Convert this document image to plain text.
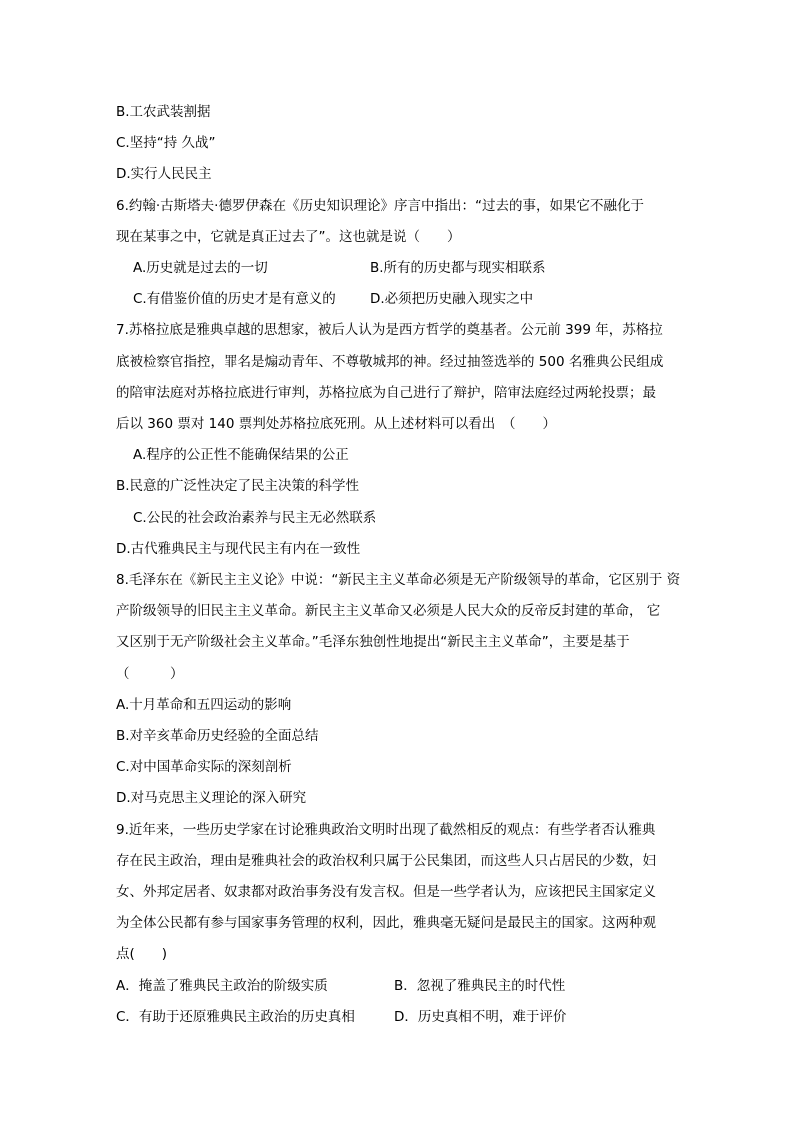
B.工农武装割据
C.坚持“持 久战”
D.实行人民民主
6.约翰·古斯塔夫·德罗伊森在《历史知识理论》序言中指出：“过去的事，如果它不融化于
现在某事之中，它就是真正过去了”。这也就是说（　　）
A.历史就是过去的一切	B.所有的历史都与现实相联系
C.有借鉴价值的历史才是有意义的	D.必须把历史融入现实之中
7.苏格拉底是雅典卓越的思想家，被后人认为是西方哲学的奠基者。公元前 399 年，苏格拉
底被检察官指控，罪名是煽动青年、不尊敬城邦的神。经过抽签选举的 500 名雅典公民组成
的陪审法庭对苏格拉底进行审判，苏格拉底为自己进行了辩护，陪审法庭经过两轮投票；最
后以 360 票对 140 票判处苏格拉底死刑。从上述材料可以看出　（　　）
A.程序的公正性不能确保结果的公正
B.民意的广泛性决定了民主决策的科学性
C.公民的社会政治素养与民主无必然联系
D.古代雅典民主与现代民主有内在一致性
8.毛泽东在《新民主主义论》中说：“新民主主义革命必须是无产阶级领导的革命，它区别于 资
产阶级领导的旧民主主义革命。新民主主义革命又必须是人民大众的反帝反封建的革命， 它
又区别于无产阶级社会主义革命。”毛泽东独创性地提出“新民主主义革命”，主要是基于
（　　　）
A.十月革命和五四运动的影响
B.对辛亥革命历史经验的全面总结
C.对中国革命实际的深刻剖析
D.对马克思主义理论的深入研究
9.近年来，一些历史学家在讨论雅典政治文明时出现了截然相反的观点：有些学者否认雅典
存在民主政治，理由是雅典社会的政治权利只属于公民集团，而这些人只占居民的少数，妇
女、外邦定居者、奴隶都对政治事务没有发言权。但是一些学者认为，应该把民主国家定义
为全体公民都有参与国家事务管理的权利，因此，雅典毫无疑问是最民主的国家。这两种观
点(　　)
A．掩盖了雅典民主政治的阶级实质	B．忽视了雅典民主的时代性
C．有助于还原雅典民主政治的历史真相	D．历史真相不明，难于评价
